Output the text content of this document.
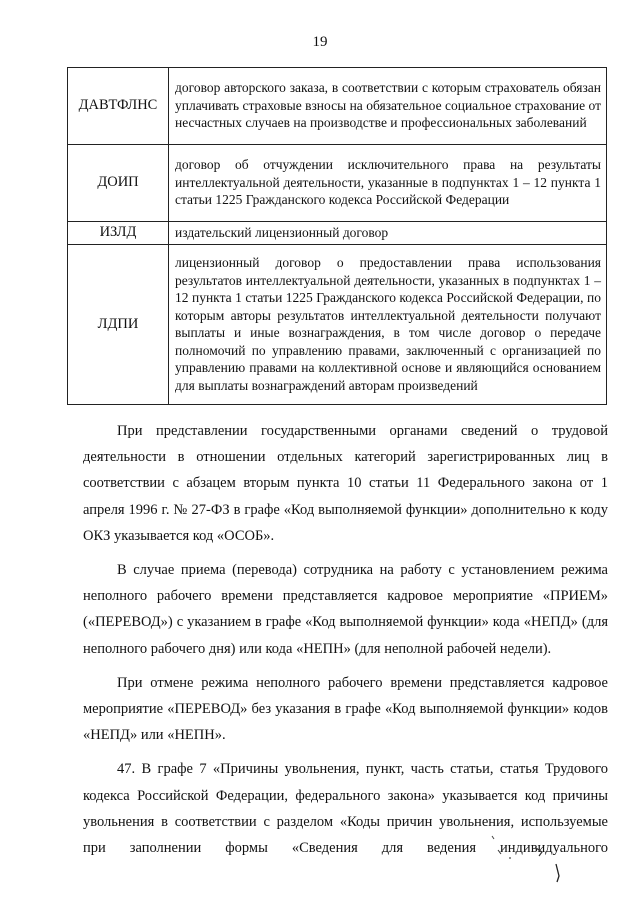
19
ДАВТФЛНС	договор авторского заказа, в соответствии с которым страхователь обязан уплачивать страховые взносы на обязательное социальное страхование от несчастных случаев на производстве и профессиональных заболеваний
ДОИП	договор об отчуждении исключительного права на результаты интеллектуальной деятельности, указанные в подпунктах 1 – 12 пункта 1 статьи 1225 Гражданского кодекса Российской Федерации
ИЗЛД	издательский лицензионный договор
ЛДПИ	лицензионный договор о предоставлении права использования результатов интеллектуальной деятельности, указанных в подпунктах 1 – 12 пункта 1 статьи 1225 Гражданского кодекса Российской Федерации, по которым авторы результатов интеллектуальной деятельности получают выплаты и иные вознаграждения, в том числе договор о передаче полномочий по управлению правами, заключенный с организацией по управлению правами на коллективной основе и являющийся основанием для выплаты вознаграждений авторам произведений

При представлении государственными органами сведений о трудовой деятельности в отношении отдельных категорий зарегистрированных лиц в соответствии с абзацем вторым пункта 10 статьи 11 Федерального закона от 1 апреля 1996 г. № 27-ФЗ в графе «Код выполняемой функции» дополнительно к коду ОКЗ указывается код «ОСОБ».

В случае приема (перевода) сотрудника на работу с установлением режима неполного рабочего времени представляется кадровое мероприятие «ПРИЕМ» («ПЕРЕВОД») с указанием в графе «Код выполняемой функции» кода «НЕПД» (для неполного рабочего дня) или кода «НЕПН» (для неполной рабочей недели).

При отмене режима неполного рабочего времени представляется кадровое мероприятие «ПЕРЕВОД» без указания в графе «Код выполняемой функции» кодов «НЕПД» или «НЕПН».

47. В графе 7 «Причины увольнения, пункт, часть статьи, статья Трудового кодекса Российской Федерации, федерального закона» указывается код причины увольнения в соответствии с разделом «Коды причин увольнения, используемые при заполнении формы «Сведения для ведения индивидуального
